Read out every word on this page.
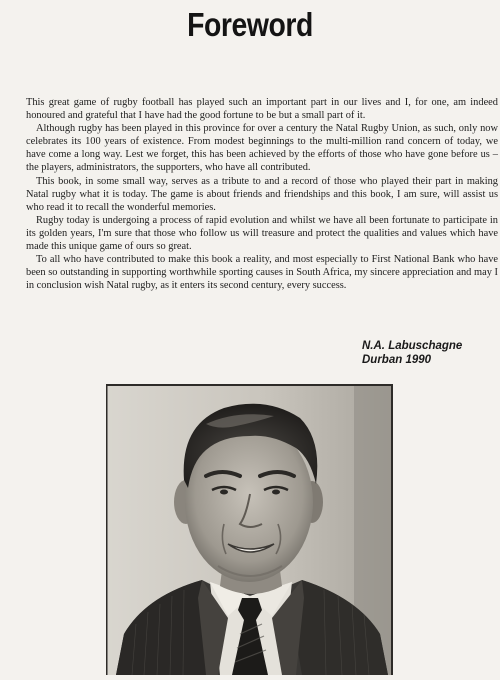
Foreword

This great game of rugby football has played such an important part in our lives and I, for one, am indeed honoured and grateful that I have had the good fortune to be but a small part of it.

Although rugby has been played in this province for over a century the Natal Rugby Union, as such, only now celebrates its 100 years of existence. From modest beginnings to the multi-million rand concern of today, we have come a long way. Lest we forget, this has been achieved by the efforts of those who have gone before us – the players, administrators, the supporters, who have all contributed.

This book, in some small way, serves as a tribute to and a record of those who played their part in making Natal rugby what it is today. The game is about friends and friendships and this book, I am sure, will assist us who read it to recall the wonderful memories.

Rugby today is undergoing a process of rapid evolution and whilst we have all been fortunate to participate in its golden years, I'm sure that those who follow us will treasure and protect the qualities and values which have made this unique game of ours so great.

To all who have contributed to make this book a reality, and most especially to First National Bank who have been so outstanding in supporting worthwhile sporting causes in South Africa, my sincere appreciation and may I in conclusion wish Natal rugby, as it enters its second century, every success.

N.A. Labuschagne
Durban 1990
